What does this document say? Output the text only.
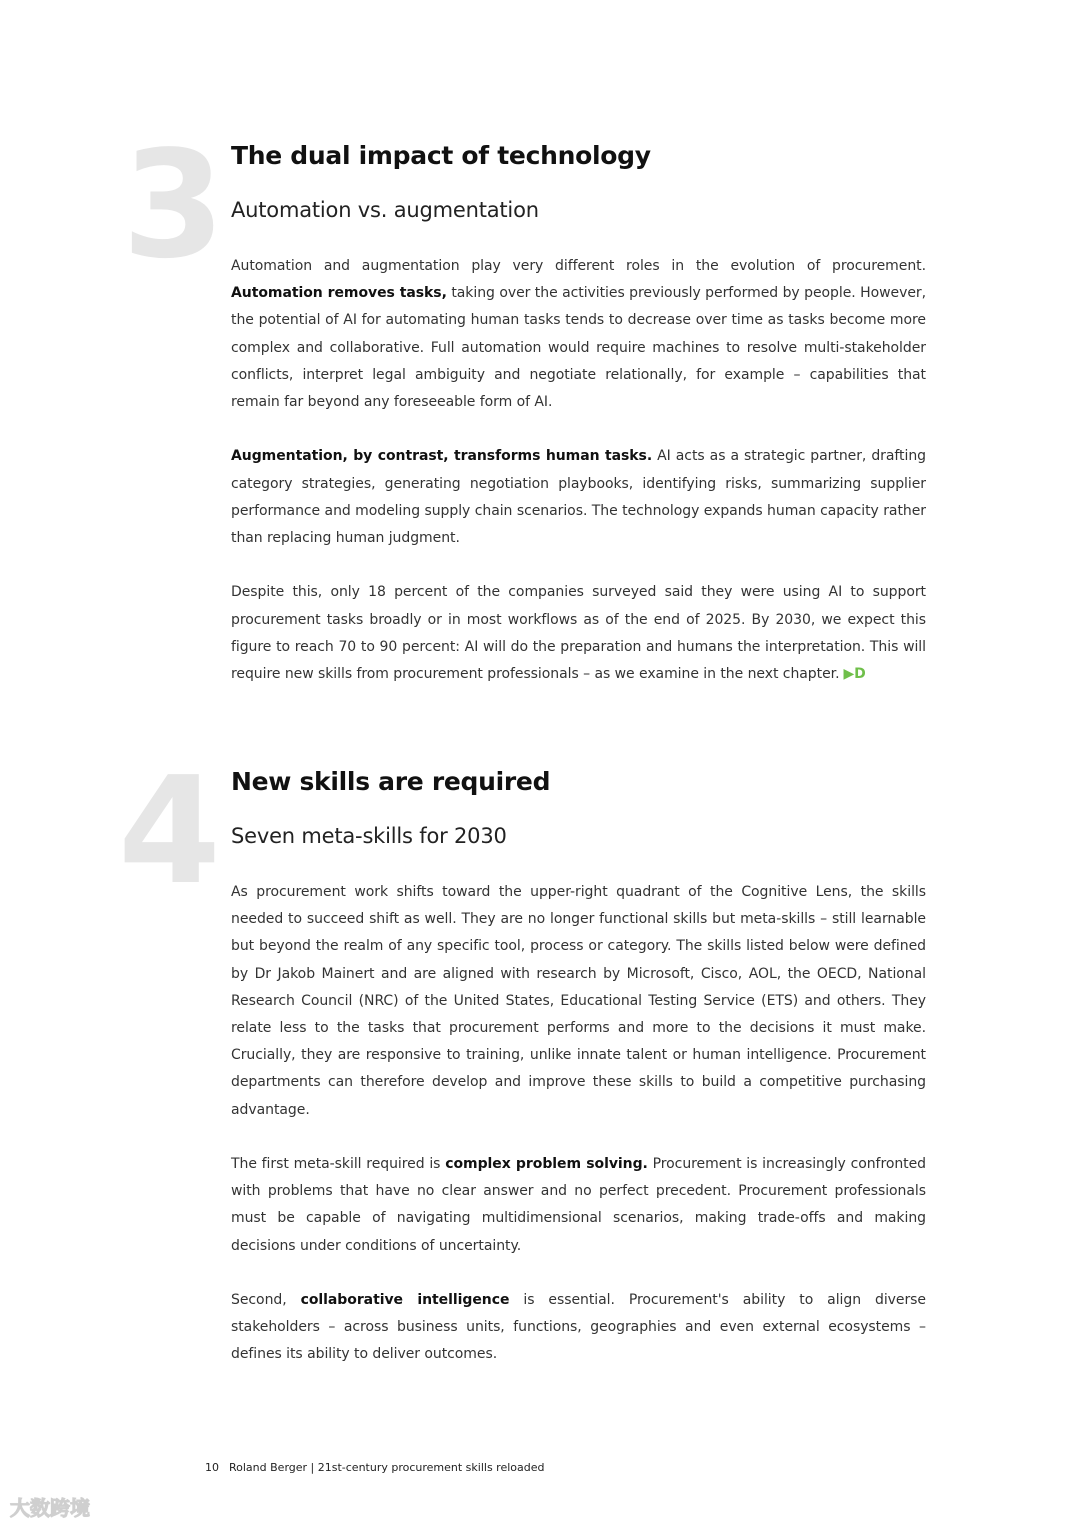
3 The dual impact of technology
Automation vs. augmentation

Automation and augmentation play very different roles in the evolution of procurement. Automation removes tasks, taking over the activities previously performed by people. However, the potential of AI for automating human tasks tends to decrease over time as tasks become more complex and collaborative. Full automation would require machines to resolve multi-stakeholder conflicts, interpret legal ambiguity and negotiate relationally, for example – capabilities that remain far beyond any foreseeable form of AI.

Augmentation, by contrast, transforms human tasks. AI acts as a strategic partner, drafting category strategies, generating negotiation playbooks, identifying risks, summarizing supplier performance and modeling supply chain scenarios. The technology expands human capacity rather than replacing human judgment.

Despite this, only 18 percent of the companies surveyed said they were using AI to support procurement tasks broadly or in most workflows as of the end of 2025. By 2030, we expect this figure to reach 70 to 90 percent: AI will do the preparation and humans the interpretation. This will require new skills from procurement professionals – as we examine in the next chapter. ▶D

4 New skills are required
Seven meta-skills for 2030

As procurement work shifts toward the upper-right quadrant of the Cognitive Lens, the skills needed to succeed shift as well. They are no longer functional skills but meta-skills – still learnable but beyond the realm of any specific tool, process or category. The skills listed below were defined by Dr Jakob Mainert and are aligned with research by Microsoft, Cisco, AOL, the OECD, National Research Council (NRC) of the United States, Educational Testing Service (ETS) and others. They relate less to the tasks that procurement performs and more to the decisions it must make. Crucially, they are responsive to training, unlike innate talent or human intelligence. Procurement departments can therefore develop and improve these skills to build a competitive purchasing advantage.

The first meta-skill required is complex problem solving. Procurement is increasingly confronted with problems that have no clear answer and no perfect precedent. Procurement professionals must be capable of navigating multidimensional scenarios, making trade-offs and making decisions under conditions of uncertainty.

Second, collaborative intelligence is essential. Procurement's ability to align diverse stakeholders – across business units, functions, geographies and even external ecosystems – defines its ability to deliver outcomes.

10 Roland Berger | 21st-century procurement skills reloaded
大数跨境
